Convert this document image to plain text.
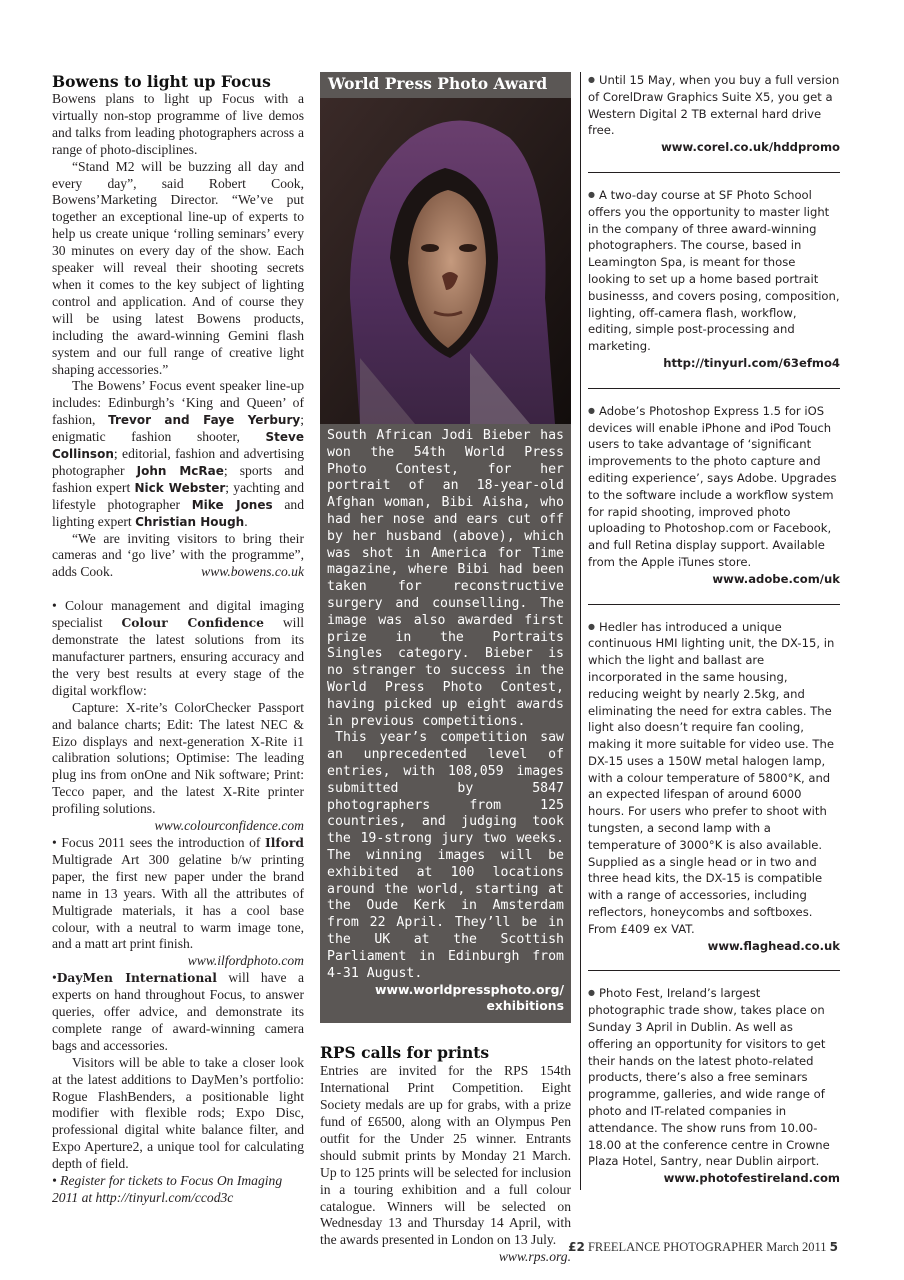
Bowens to light up Focus

Bowens plans to light up Focus with a virtually non-stop programme of live demos and talks from leading photographers across a range of photo-disciplines.

“Stand M2 will be buzzing all day and every day”, said Robert Cook, Bowens’Marketing Director. “We’ve put together an exceptional line-up of experts to help us create unique ‘rolling seminars’ every 30 minutes on every day of the show. Each speaker will reveal their shooting secrets when it comes to the key subject of lighting control and application. And of course they will be using latest Bowens products, including the award-winning Gemini flash system and our full range of creative light shaping accessories.”

The Bowens’ Focus event speaker line-up includes: Edinburgh’s ‘King and Queen’ of fashion, Trevor and Faye Yerbury; enigmatic fashion shooter, Steve Collinson; editorial, fashion and advertising photographer John McRae; sports and fashion expert Nick Webster; yachting and lifestyle photographer Mike Jones and lighting expert Christian Hough.

“We are inviting visitors to bring their cameras and ‘go live’ with the programme”, adds Cook.	www.bowens.co.uk

• Colour management and digital imaging specialist Colour Confidence will demonstrate the latest solutions from its manufacturer partners, ensuring accuracy and the very best results at every stage of the digital workflow:

Capture: X-rite’s ColorChecker Passport and balance charts; Edit: The latest NEC & Eizo displays and next-generation X-Rite i1 calibration solutions; Optimise: The leading plug ins from onOne and Nik software; Print: Tecco paper, and the latest X-Rite printer profiling solutions.

www.colourconfidence.com

• Focus 2011 sees the introduction of Ilford Multigrade Art 300 gelatine b/w printing paper, the first new paper under the brand name in 13 years. With all the attributes of Multigrade materials, it has a cool base colour, with a neutral to warm image tone, and a matt art print finish.

www.ilfordphoto.com

•DayMen International will have a experts on hand throughout Focus, to answer queries, offer advice, and demonstrate its complete range of award-winning camera bags and accessories.

Visitors will be able to take a closer look at the latest additions to DayMen’s portfolio: Rogue FlashBenders, a positionable light modifier with flexible rods; Expo Disc, professional digital white balance filter, and Expo Aperture2, a unique tool for calculating depth of field.

• Register for tickets to Focus On Imaging 2011 at http://tinyurl.com/ccod3c

World Press Photo Award

South African Jodi Bieber has won the 54th World Press Photo Contest, for her portrait of an 18-year-old Afghan woman, Bibi Aisha, who had her nose and ears cut off by her husband (above), which was shot in America for Time magazine, where Bibi had been taken for reconstructive surgery and counselling. The image was also awarded first prize in the Portraits Singles category. Bieber is no stranger to success in the World Press Photo Contest, having picked up eight awards in previous competitions.

This year’s competition saw an unprecedented level of entries, with 108,059 images submitted by 5847 photographers from 125 countries, and judging took the 19-strong jury two weeks. The winning images will be exhibited at 100 locations around the world, starting at the Oude Kerk in Amsterdam from 22 April. They’ll be in the UK at the Scottish Parliament in Edinburgh from 4-31 August.

www.worldpressphoto.org/

exhibitions

RPS calls for prints

Entries are invited for the RPS 154th International Print Competition. Eight Society medals are up for grabs, with a prize fund of £6500, along with an Olympus Pen outfit for the Under 25 winner. Entrants should submit prints by Monday 21 March. Up to 125 prints will be selected for inclusion in a touring exhibition and a full colour catalogue. Winners will be selected on Wednesday 13 and Thursday 14 April, with the awards presented in London on 13 July.

www.rps.org.

● Until 15 May, when you buy a full version of CorelDraw Graphics Suite X5, you get a Western Digital 2 TB external hard drive free.

www.corel.co.uk/hddpromo

● A two-day course at SF Photo School offers you the opportunity to master light in the company of three award-winning photographers. The course, based in Leamington Spa, is meant for those looking to set up a home based portrait businesss, and covers posing, composition, lighting, off-camera flash, workflow, editing, simple post-processing and marketing.

http://tinyurl.com/63efmo4

● Adobe’s Photoshop Express 1.5 for iOS devices will enable iPhone and iPod Touch users to take advantage of ‘significant improvements to the photo capture and editing experience’, says Adobe. Upgrades to the software include a workflow system for rapid shooting, improved photo uploading to Photoshop.com or Facebook, and full Retina display support. Available from the Apple iTunes store.

www.adobe.com/uk

● Hedler has introduced a unique continuous HMI lighting unit, the DX-15, in which the light and ballast are incorporated in the same housing, reducing weight by nearly 2.5kg, and eliminating the need for extra cables. The light also doesn’t require fan cooling, making it more suitable for video use. The DX-15 uses a 150W metal halogen lamp, with a colour temperature of 5800°K, and an expected lifespan of around 6000 hours. For users who prefer to shoot with tungsten, a second lamp with a temperature of 3000°K is also available. Supplied as a single head or in two and three head kits, the DX-15 is compatible with a range of accessories, including reflectors, honeycombs and softboxes. From £409 ex VAT.

www.flaghead.co.uk

● Photo Fest, Ireland’s largest photographic trade show, takes place on Sunday 3 April in Dublin. As well as offering an opportunity for visitors to get their hands on the latest photo-related products, there’s also a free seminars programme, galleries, and wide range of photo and IT-related companies in attendance. The show runs from 10.00-18.00 at the conference centre in Crowne Plaza Hotel, Santry, near Dublin airport.

www.photofestireland.com

£2 FREELANCE PHOTOGRAPHER March 2011 5
